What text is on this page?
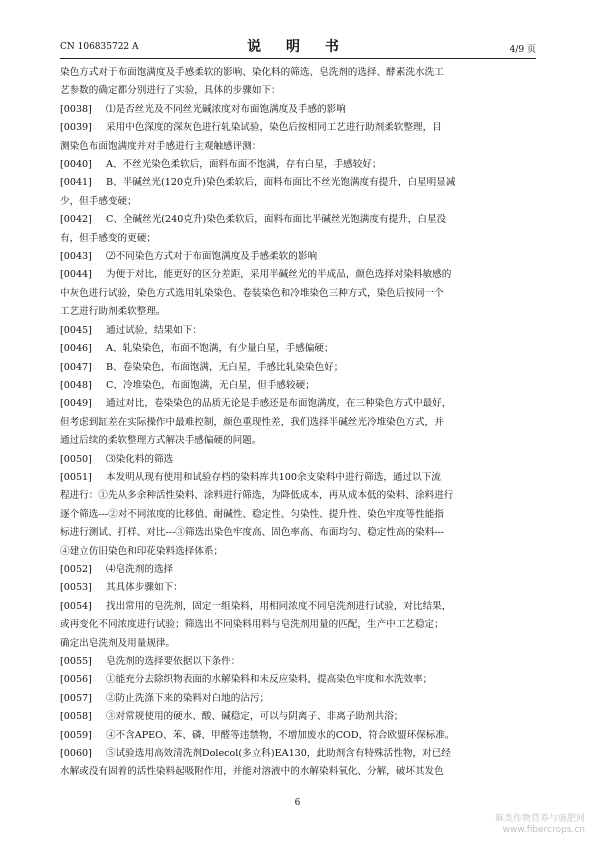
CN 106835722 A	说 明 书	4/9 页
染色方式对于布面饱满度及手感柔软的影响、染化料的筛选、皂洗剂的选择、酵素洗水洗工
艺参数的确定都分别进行了实验，具体的步骤如下：
[0038] ⑴是否丝光及不同丝光碱浓度对布面饱满度及手感的影响
[0039] 采用中色深度的深灰色进行轧染试验，染色后按相同工艺进行助剂柔软整理，目
测染色布面饱满度并对手感进行主观触感评测：
[0040] A、不丝光染色柔软后，面料布面不饱满，存有白星，手感较好；
[0041] B、半碱丝光(120克升)染色柔软后，面料布面比不丝光饱满度有提升，白星明显减
少，但手感变硬；
[0042] C、全碱丝光(240克升)染色柔软后，面料布面比半碱丝光饱满度有提升，白星没
有，但手感变的更硬；
[0043] ⑵不同染色方式对于布面饱满度及手感柔软的影响
[0044] 为便于对比，能更好的区分差距，采用半碱丝光的半成品，颜色选择对染料敏感的
中灰色进行试验，染色方式选用轧染染色、卷装染色和冷堆染色三种方式，染色后按同一个
工艺进行助剂柔软整理。
[0045] 通过试验，结果如下：
[0046] A、轧染染色，布面不饱满，有少量白星，手感偏硬；
[0047] B、卷染染色，布面饱满，无白星，手感比轧染染色好；
[0048] C、冷堆染色，布面饱满，无白星，但手感较硬；
[0049] 通过对比，卷染染色的品质无论是手感还是布面饱满度，在三种染色方式中最好，
但考虑到缸差在实际操作中最难控制，颜色重现性差，我们选择半碱丝光冷堆染色方式，并
通过后续的柔软整理方式解决手感偏硬的问题。
[0050] ⑶染化料的筛选
[0051] 本发明从现有使用和试验存档的染料库共100余支染料中进行筛选，通过以下流
程进行：①先从多余种活性染料、涂料进行筛选，为降低成本，再从成本低的染料、涂料进行
逐个筛选---②对不同浓度的比移值、耐碱性、稳定性、匀染性、提升性、染色牢度等性能指
标进行测试、打样、对比---③筛选出染色牢度高、固色率高、布面均匀、稳定性高的染料---
④建立仿旧染色和印花染料选择体系；
[0052] ⑷皂洗剂的选择
[0053] 其具体步骤如下：
[0054] 找出常用的皂洗剂，固定一组染料，用相同浓度不同皂洗剂进行试验，对比结果，
或再变化不同浓度进行试验；筛选出不同染料用料与皂洗剂用量的匹配，生产中工艺稳定；
确定出皂洗剂及用量规律。
[0055] 皂洗剂的选择要依据以下条件：
[0056] ①能充分去除织物表面的水解染料和未反应染料，提高染色牢度和水洗效率；
[0057] ②防止洗涤下来的染料对白地的沾污；
[0058] ③对常规使用的硬水、酸、碱稳定，可以与阴离子、非离子助剂共浴；
[0059] ④不含APEO、苯、磷、甲醛等违禁物，不增加废水的COD，符合欧盟环保标准。
[0060] ⑤试验选用高效清洗剂Dolecol(多立科)EA130，此助剂含有特殊活性物，对已经
水解或没有固着的活性染料起吸附作用，并能对溶液中的水解染料氧化、分解，破坏其发色
6
麻类作物营养与施肥网
www.fibercrops.cn
